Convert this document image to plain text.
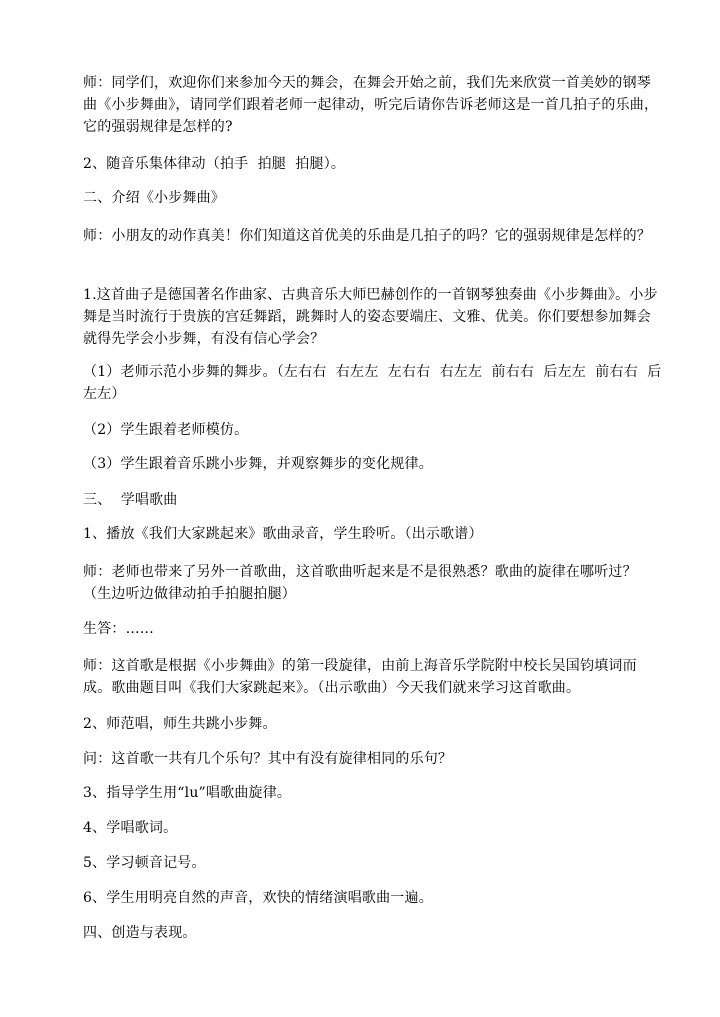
师：同学们，欢迎你们来参加今天的舞会，在舞会开始之前，我们先来欣赏一首美妙的钢琴曲《小步舞曲》，请同学们跟着老师一起律动，听完后请你告诉老师这是一首几拍子的乐曲，它的强弱规律是怎样的?
2、随音乐集体律动（拍手  拍腿  拍腿）。
二、介绍《小步舞曲》
师：小朋友的动作真美！你们知道这首优美的乐曲是几拍子的吗？它的强弱规律是怎样的？
1.这首曲子是德国著名作曲家、古典音乐大师巴赫创作的一首钢琴独奏曲《小步舞曲》。小步舞是当时流行于贵族的宫廷舞蹈，跳舞时人的姿态要端庄、文雅、优美。你们要想参加舞会就得先学会小步舞，有没有信心学会？
（1）老师示范小步舞的舞步。（左右右  右左左  左右右  右左左  前右右  后左左  前右右  后左左）
（2）学生跟着老师模仿。
（3）学生跟着音乐跳小步舞，并观察舞步的变化规律。
三、  学唱歌曲
1、播放《我们大家跳起来》歌曲录音，学生聆听。（出示歌谱）
师：老师也带来了另外一首歌曲，这首歌曲听起来是不是很熟悉？歌曲的旋律在哪听过？（生边听边做律动拍手拍腿拍腿）
生答：……
师：这首歌是根据《小步舞曲》的第一段旋律，由前上海音乐学院附中校长吴国钧填词而成。歌曲题目叫《我们大家跳起来》。（出示歌曲）今天我们就来学习这首歌曲。
2、师范唱，师生共跳小步舞。
问：这首歌一共有几个乐句？其中有没有旋律相同的乐句？
3、指导学生用“lu”唱歌曲旋律。
4、学唱歌词。
5、学习顿音记号。
6、学生用明亮自然的声音，欢快的情绪演唱歌曲一遍。
四、创造与表现。
